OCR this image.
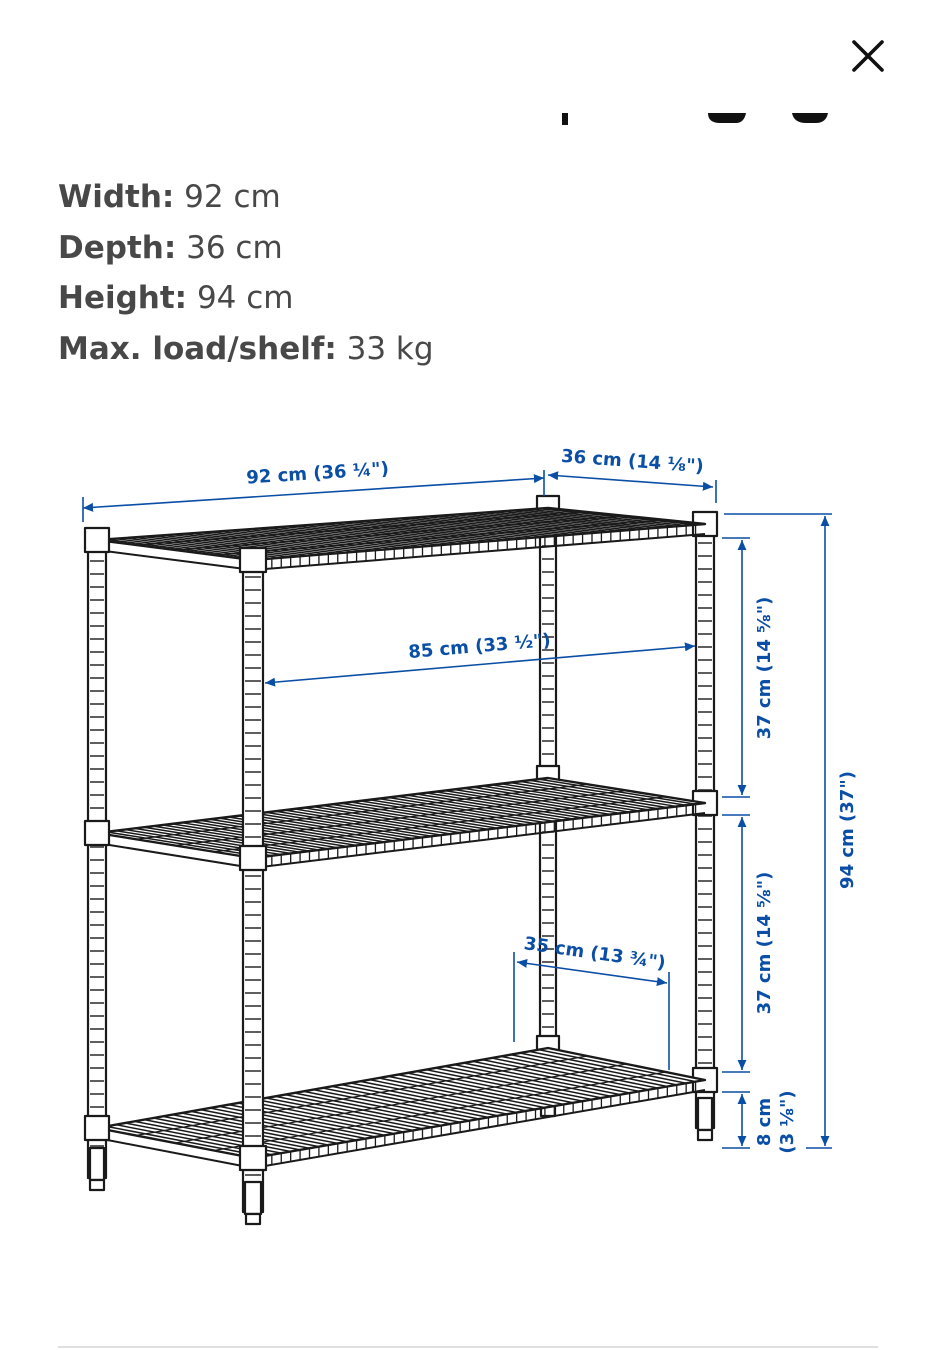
Width: 92 cm
Depth: 36 cm
Height: 94 cm
Max. load/shelf: 33 kg
92 cm (36 ¼")	36 cm (14 ⅛")
85 cm (33 ½")
35 cm (13 ¾")
37 cm (14 ⅝")
37 cm (14 ⅝")
94 cm (37")
8 cm (3 ⅛")
